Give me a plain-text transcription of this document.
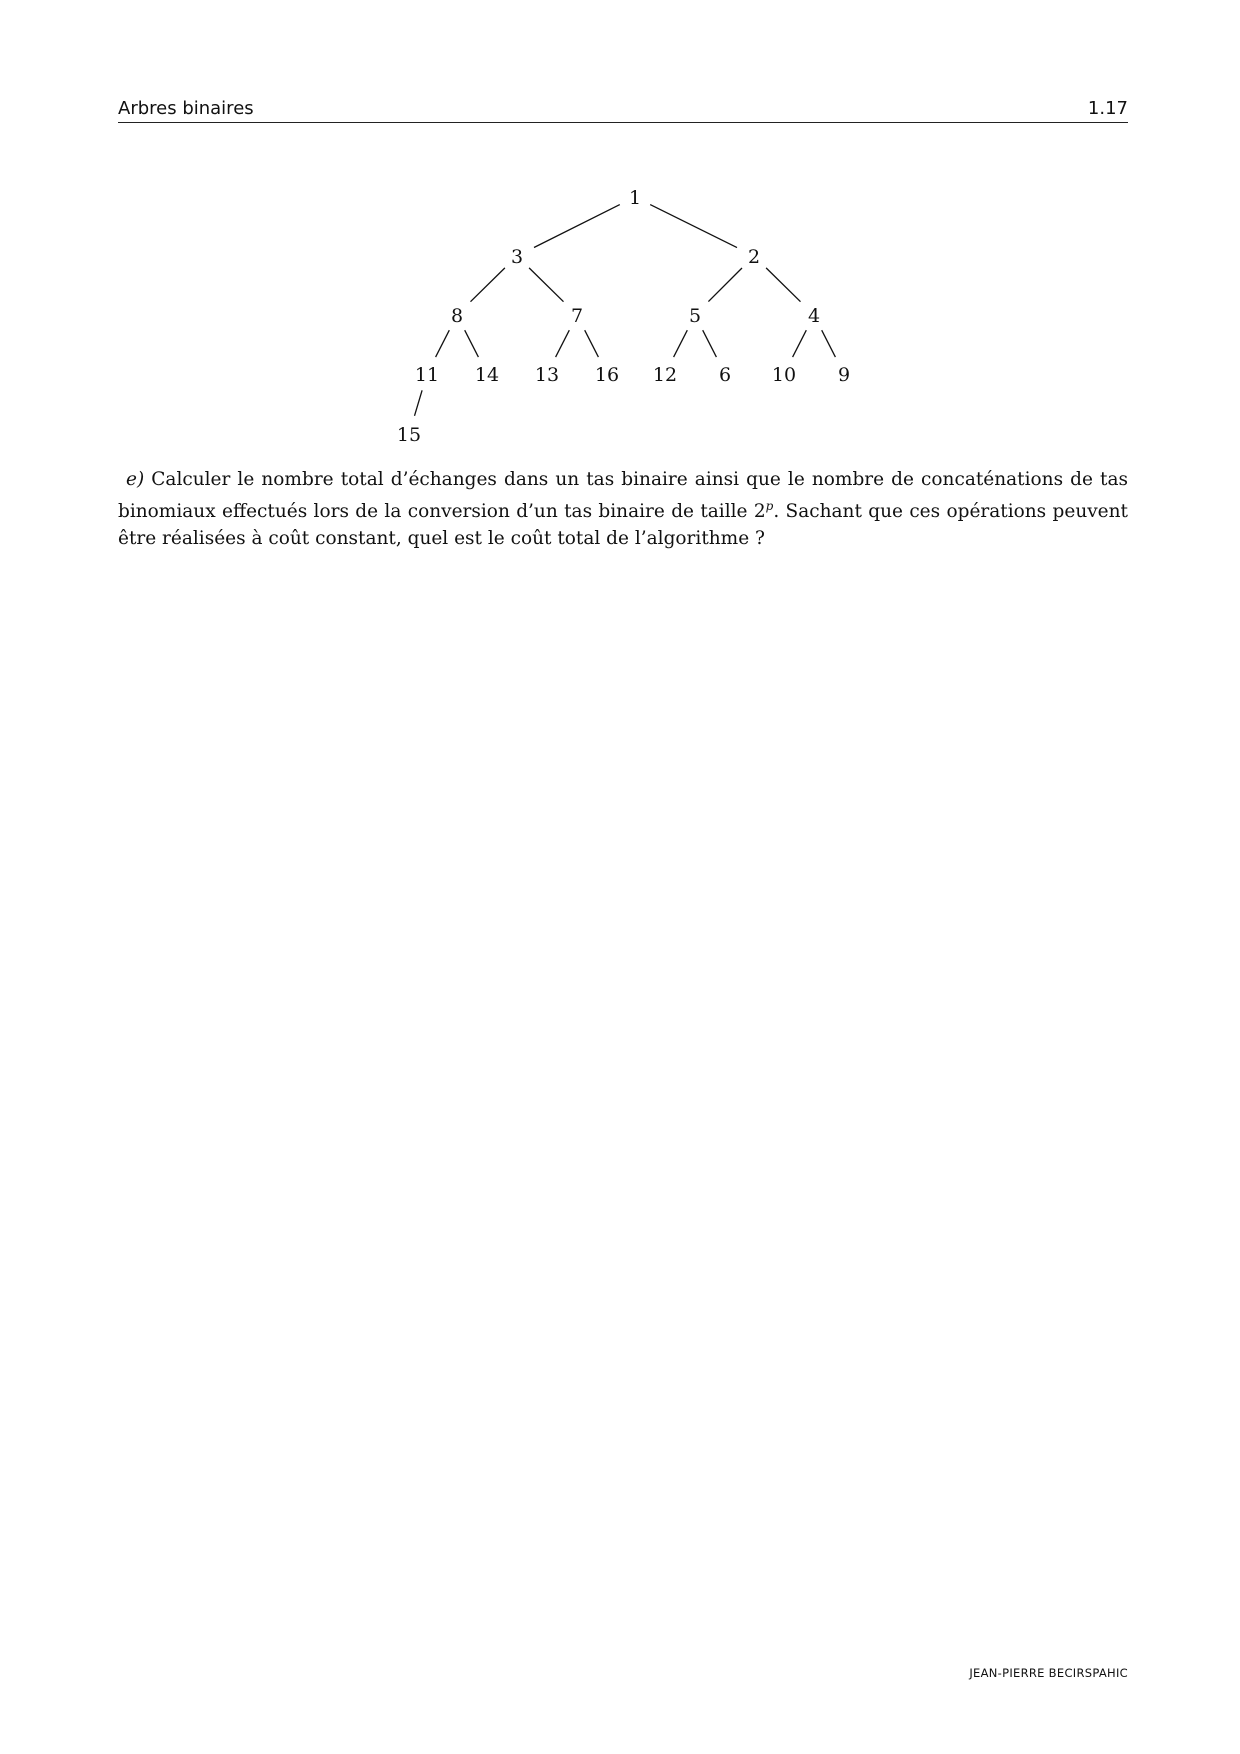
Arbres binaires	1.17
1
3	2
8	7	5	4
11 14 13 16 12 6 10 9
15
e) Calculer le nombre total d’échanges dans un tas binaire ainsi que le nombre de concaténations de tas binomiaux effectués lors de la conversion d’un tas binaire de taille 2$^p$. Sachant que ces opérations peuvent être réalisées à coût constant, quel est le coût total de l’algorithme ?
JEAN-PIERRE BECIRSPAHIC
